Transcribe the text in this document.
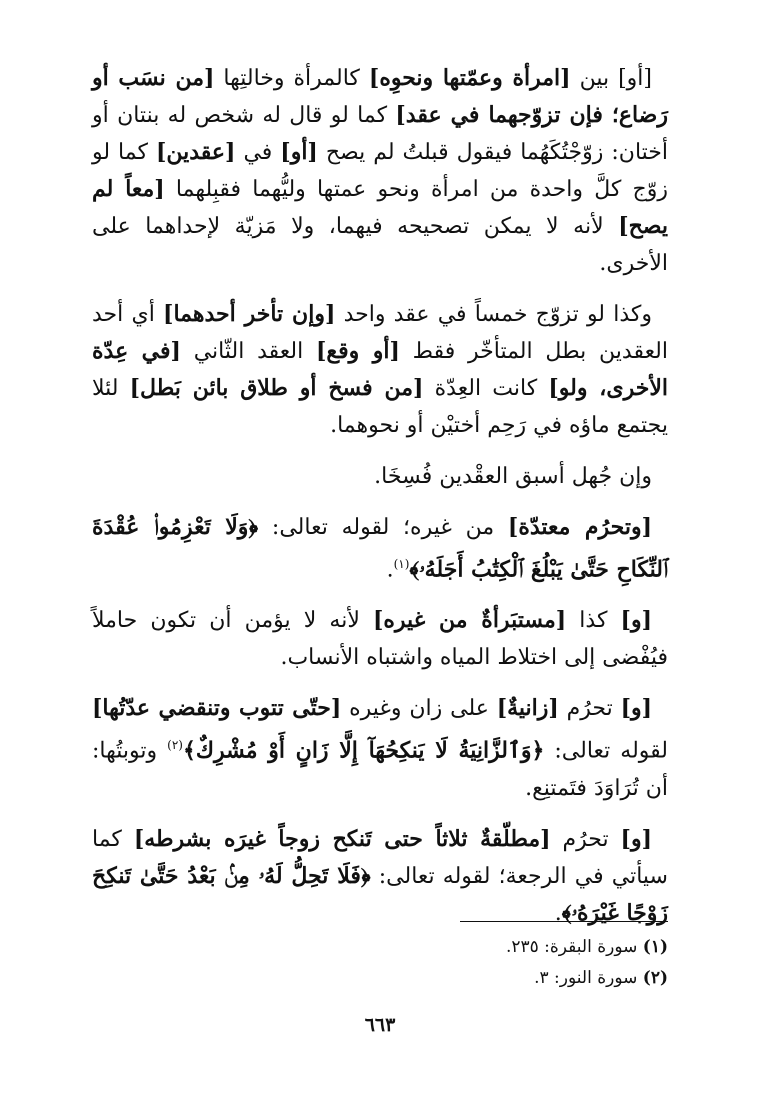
[أو] بين [امرأة وعمّتها ونحوِه] كالمرأة وخالتِها [من نسَب أو رَضاع؛ فإن تزوّجهما في عقد] كما لو قال له شخص له بنتان أو أختان: زوّجْتُكَهُما فيقول قبلتُ لم يصح [أو] في [عقدين] كما لو زوّج كلَّ واحدة من امرأة ونحو عمتها وليُّهما فقبِلهما [معاً لم يصح] لأنه لا يمكن تصحيحه فيهما، ولا مَزيّة لإحداهما على الأخرى.

وكذا لو تزوّج خمساً في عقد واحد [وإن تأخر أحدهما] أي أحد العقدين بطل المتأخّر فقط [أو وقع] العقد الثّاني [في عِدّة الأخرى، ولو] كانت العِدّة [من فسخ أو طلاق بائن بَطل] لئلا يجتمع ماؤه في رَحِم أختيْن أو نحوهما.

وإن جُهل أسبق العقْدين فُسِخَا.

[وتحرُم معتدّة] من غيره؛ لقوله تعالى: ﴿وَلَا تَعْزِمُوا۟ عُقْدَةَ ٱلنِّكَاحِ حَتَّىٰ يَبْلُغَ ٱلْكِتَٰبُ أَجَلَهُۥ﴾$^{(١)}$.

[و] كذا [مستبَرأةٌ من غيره] لأنه لا يؤمن أن تكون حاملاً فيُفْضى إلى اختلاط المياه واشتباه الأنساب.

[و] تحرُم [زانيةٌ] على زان وغيره [حتّى تتوب وتنقضي عدّتُها] لقوله تعالى: ﴿وَٱلزَّانِيَةُ لَا يَنكِحُهَآ إِلَّا زَانٍ أَوْ مُشْرِكٌ﴾$^{(٢)}$ وتوبتُها: أن تُرَاوَدَ فتَمتنِع.

[و] تحرُم [مطلّقةٌ ثلاثاً حتى تَنكح زوجاً غيرَه بشرطه] كما سيأتي في الرجعة؛ لقوله تعالى: ﴿فَلَا تَحِلُّ لَهُۥ مِنۢ بَعْدُ حَتَّىٰ تَنكِحَ زَوْجًا غَيْرَهُۥ﴾.

(١) سورة البقرة: ٢٣٥.
(٢) سورة النور: ٣.
٦٦٣
